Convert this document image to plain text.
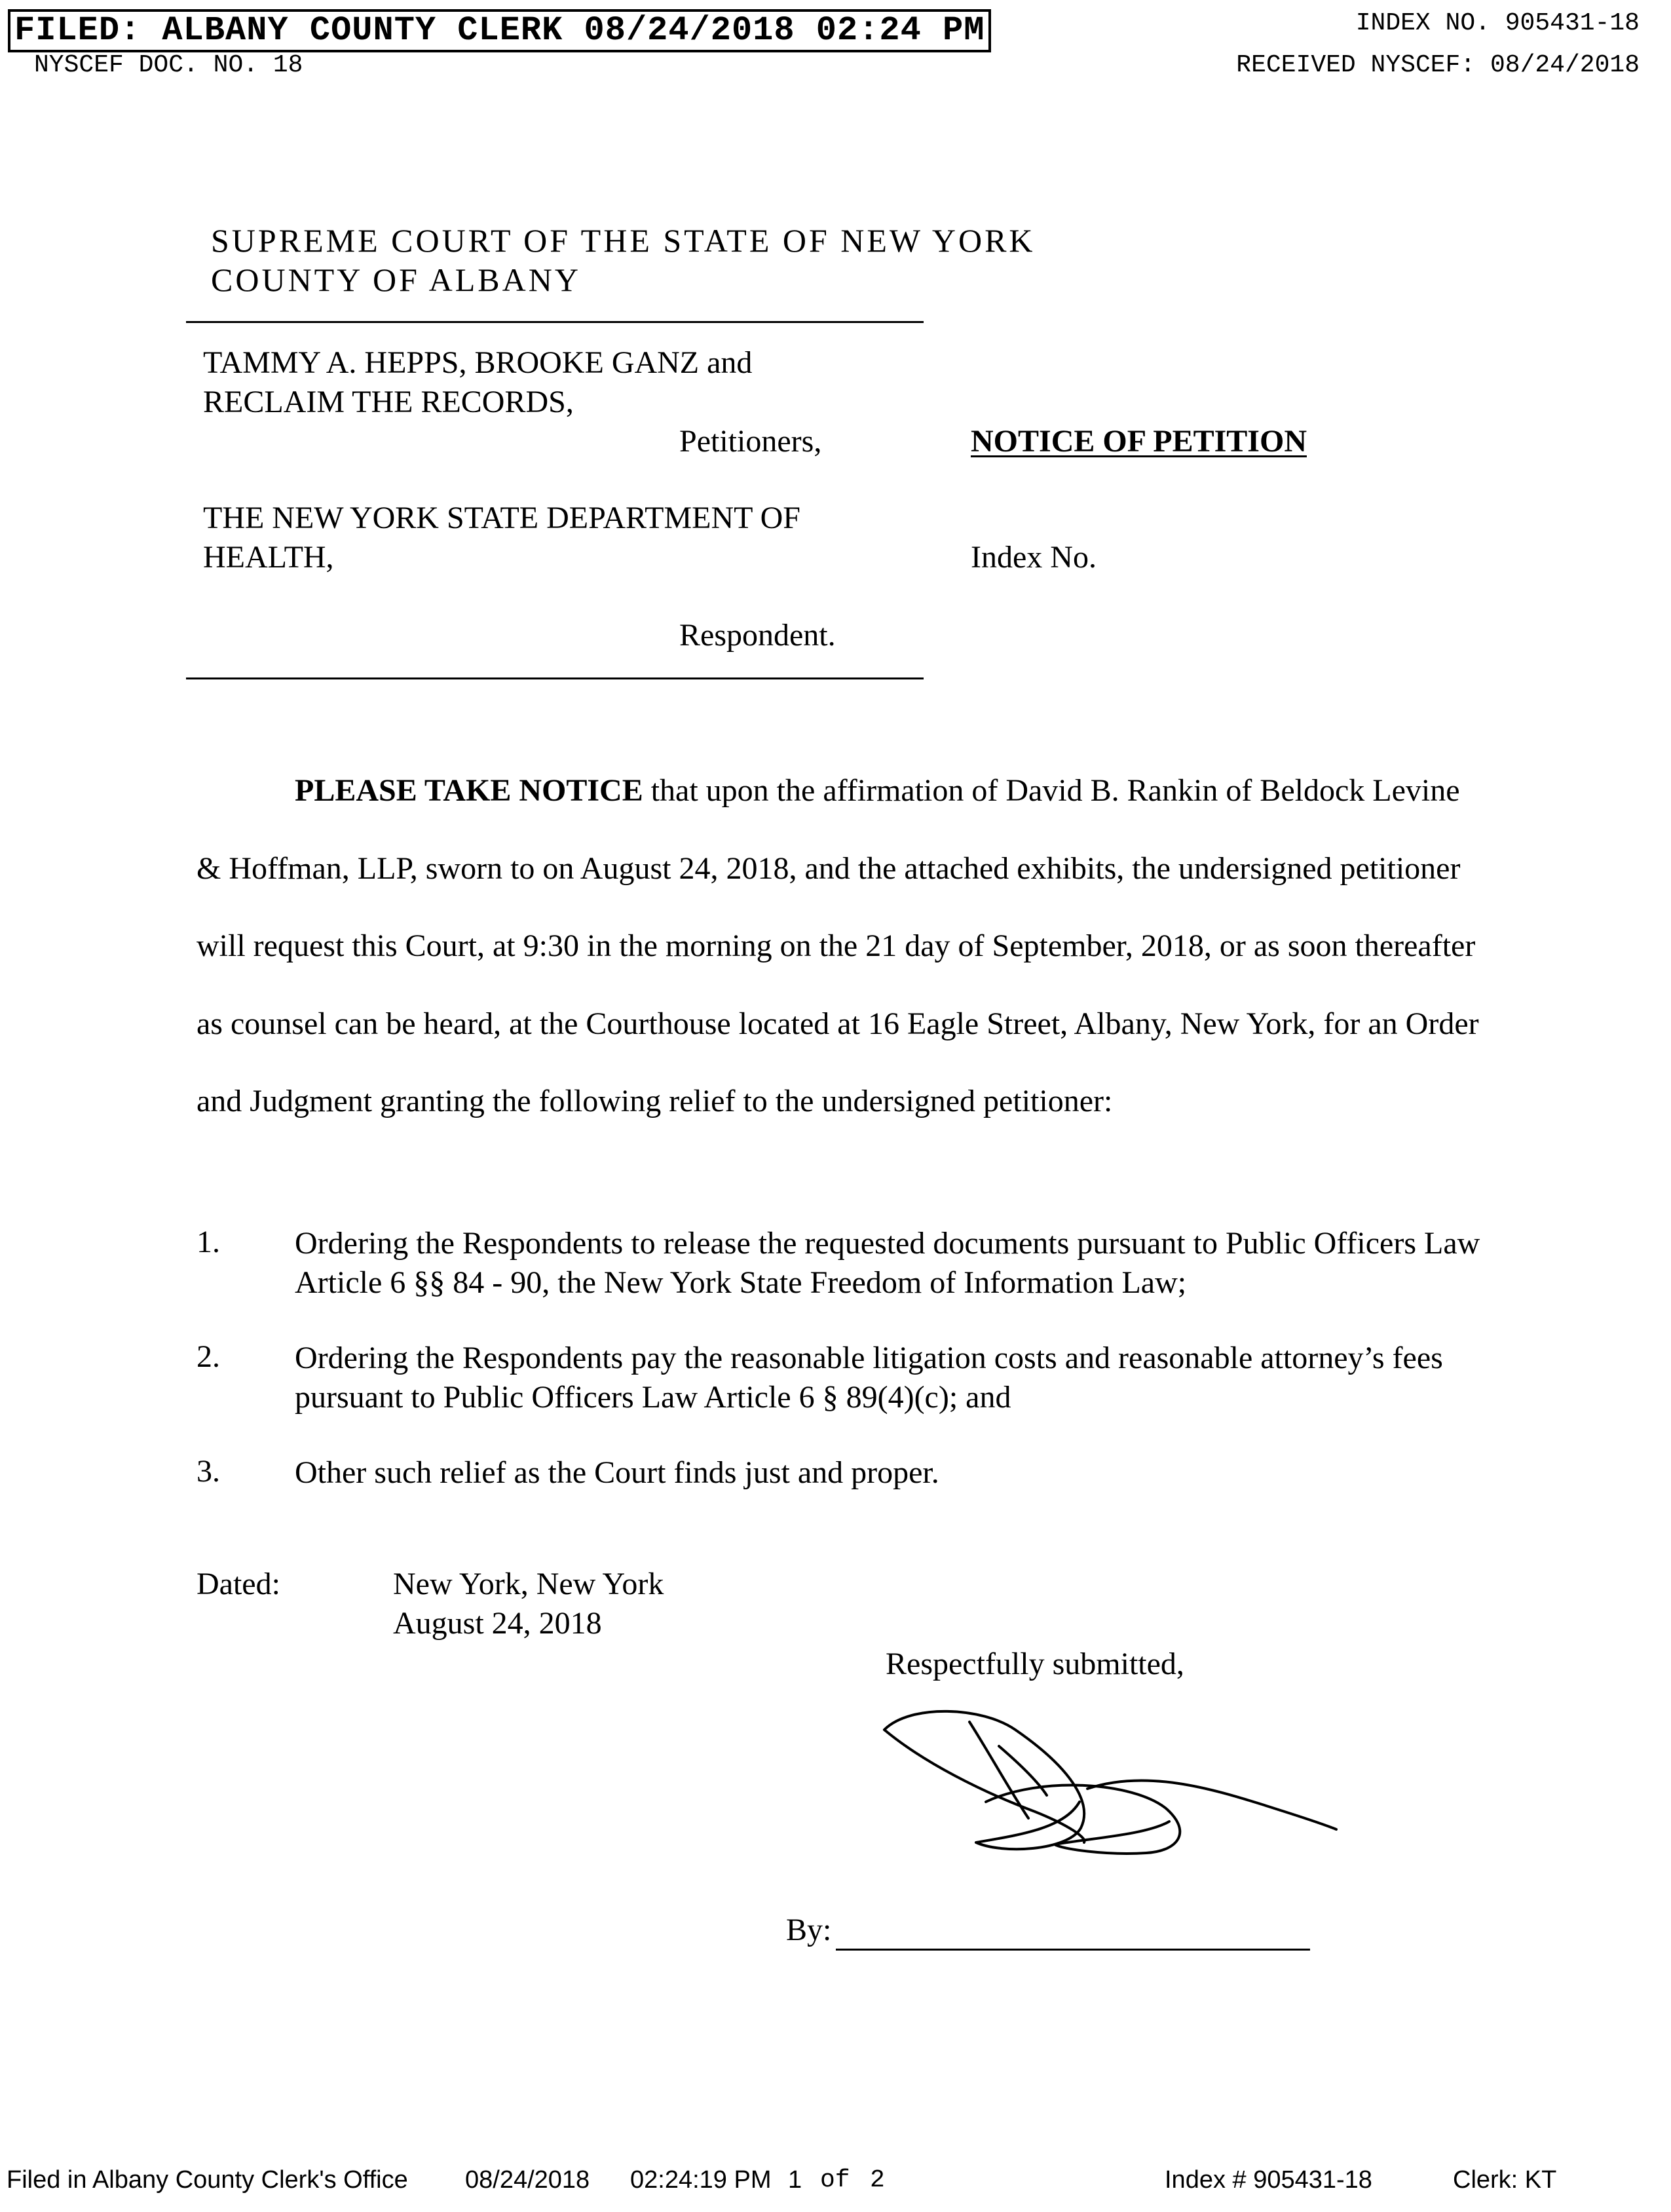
FILED: ALBANY COUNTY CLERK 08/24/2018 02:24 PM	INDEX NO. 905431-18
NYSCEF DOC. NO. 18	RECEIVED NYSCEF: 08/24/2018
SUPREME COURT OF THE STATE OF NEW YORK
COUNTY OF ALBANY
TAMMY A. HEPPS, BROOKE GANZ and
RECLAIM THE RECORDS,
Petitioners,	NOTICE OF PETITION
THE NEW YORK STATE DEPARTMENT OF
HEALTH,	Index No.
Respondent.
PLEASE TAKE NOTICE that upon the affirmation of David B. Rankin of Beldock Levine & Hoffman, LLP, sworn to on August 24, 2018, and the attached exhibits, the undersigned petitioner will request this Court, at 9:30 in the morning on the 21 day of September, 2018, or as soon thereafter as counsel can be heard, at the Courthouse located at 16 Eagle Street, Albany, New York, for an Order and Judgment granting the following relief to the undersigned petitioner:
1. Ordering the Respondents to release the requested documents pursuant to Public Officers Law Article 6 §§ 84 - 90, the New York State Freedom of Information Law;
2. Ordering the Respondents pay the reasonable litigation costs and reasonable attorney’s fees pursuant to Public Officers Law Article 6 § 89(4)(c); and
3. Other such relief as the Court finds just and proper.
Dated:	New York, New York
August 24, 2018
Respectfully submitted,
By:
Filed in Albany County Clerk's Office 08/24/2018 02:24:19 PM 1 of 2	Index # 905431-18	Clerk: KT
